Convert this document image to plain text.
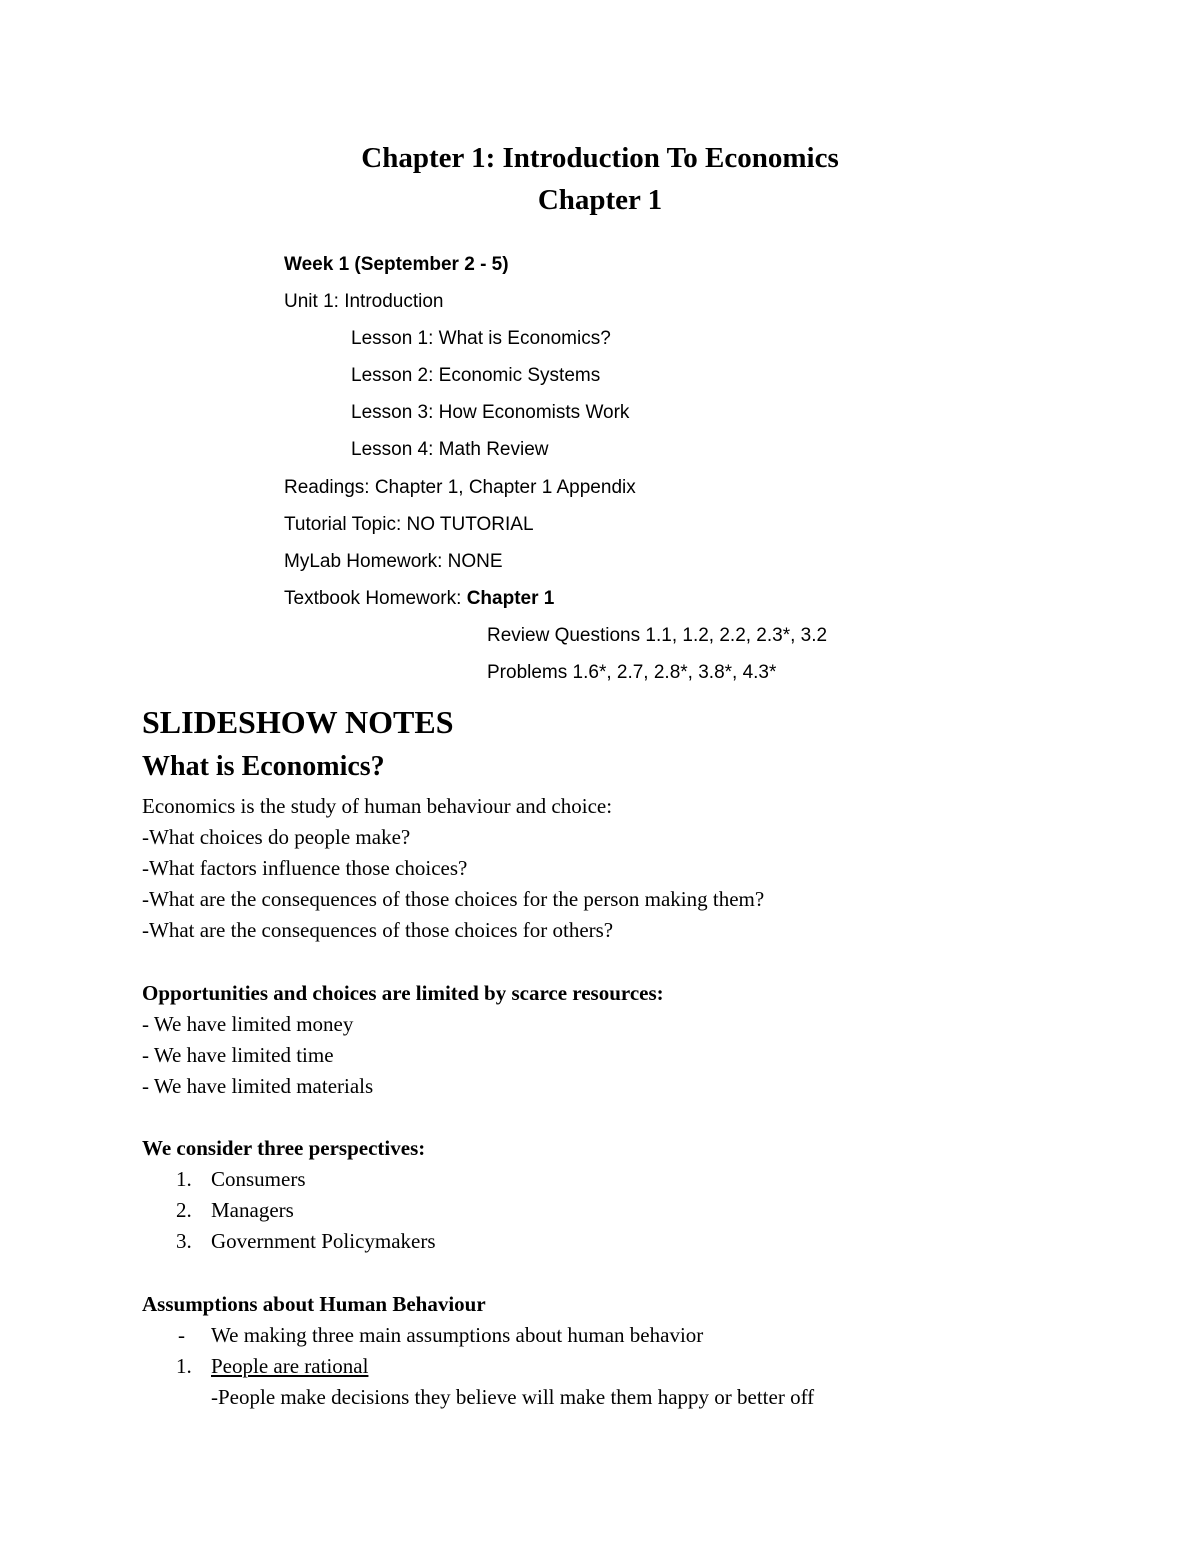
Chapter 1: Introduction To Economics
Chapter 1
Week 1 (September 2 - 5)
Unit 1: Introduction
Lesson 1: What is Economics?
Lesson 2: Economic Systems
Lesson 3: How Economists Work
Lesson 4: Math Review
Readings: Chapter 1, Chapter 1 Appendix
Tutorial Topic: NO TUTORIAL
MyLab Homework: NONE
Textbook Homework: Chapter 1
Review Questions 1.1, 1.2, 2.2, 2.3*, 3.2
Problems 1.6*, 2.7, 2.8*, 3.8*, 4.3*
SLIDESHOW NOTES
What is Economics?
Economics is the study of human behaviour and choice:
-What choices do people make?
-What factors influence those choices?
-What are the consequences of those choices for the person making them?
-What are the consequences of those choices for others?
Opportunities and choices are limited by scarce resources:
- We have limited money
- We have limited time
- We have limited materials
We consider three perspectives:
1. Consumers
2. Managers
3. Government Policymakers
Assumptions about Human Behaviour
- We making three main assumptions about human behavior
1. People are rational
-People make decisions they believe will make them happy or better off
